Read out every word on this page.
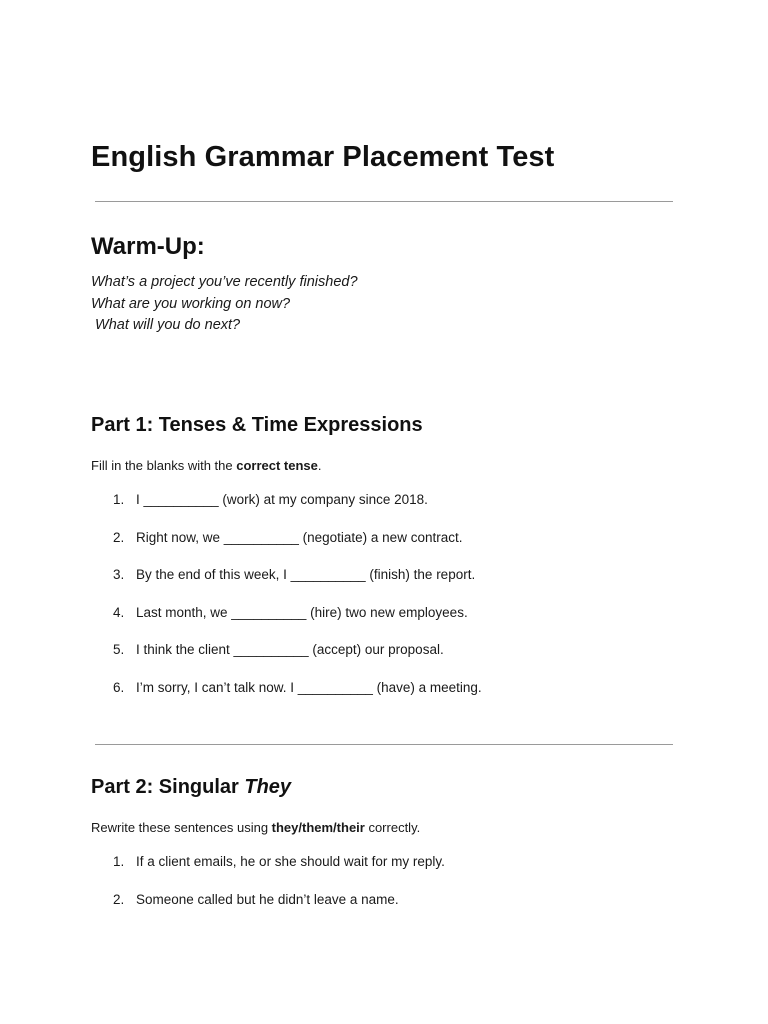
English Grammar Placement Test
Warm-Up:
What’s a project you’ve recently finished?
What are you working on now?
What will you do next?
Part 1: Tenses & Time Expressions

Fill in the blanks with the correct tense.

1. I __________ (work) at my company since 2018.
2. Right now, we __________ (negotiate) a new contract.
3. By the end of this week, I __________ (finish) the report.
4. Last month, we __________ (hire) two new employees.
5. I think the client __________ (accept) our proposal.
6. I’m sorry, I can’t talk now. I __________ (have) a meeting.
Part 2: Singular They

Rewrite these sentences using they/them/their correctly.

1. If a client emails, he or she should wait for my reply.
2. Someone called but he didn’t leave a name.
